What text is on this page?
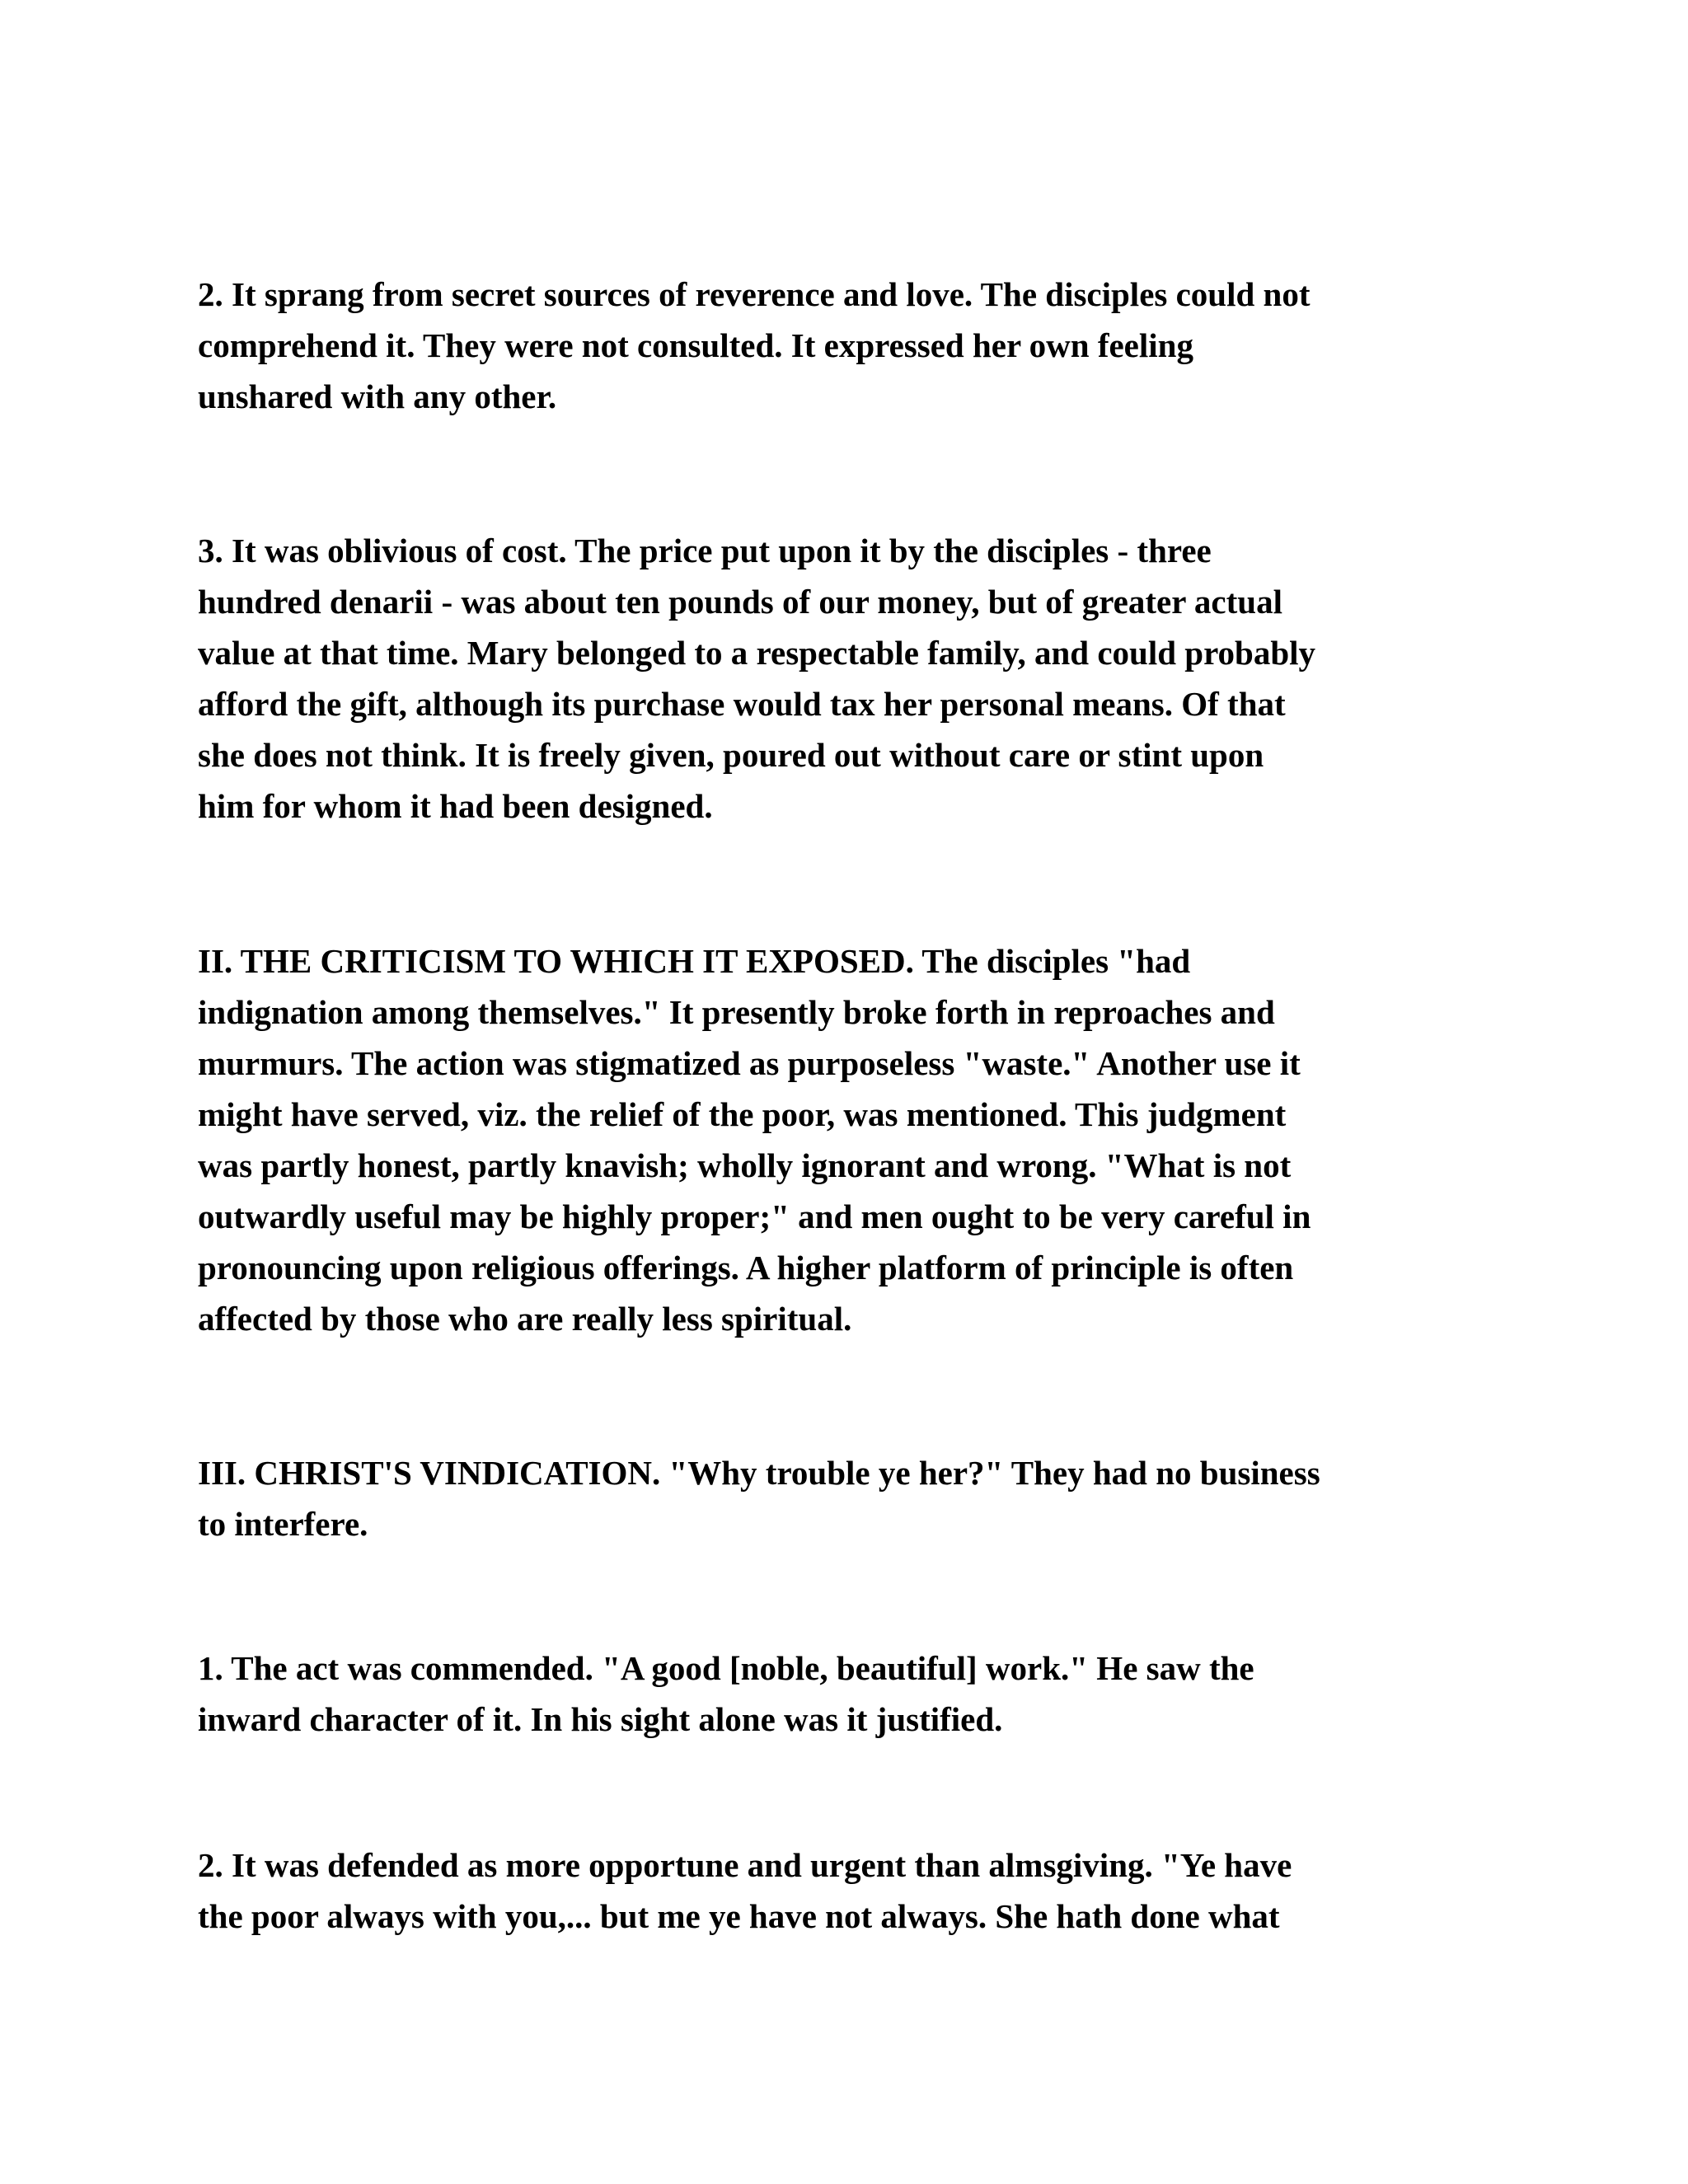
2. It sprang from secret sources of reverence and love. The disciples could not
comprehend it. They were not consulted. It expressed her own feeling
unshared with any other.

3. It was oblivious of cost. The price put upon it by the disciples - three
hundred denarii - was about ten pounds of our money, but of greater actual
value at that time. Mary belonged to a respectable family, and could probably
afford the gift, although its purchase would tax her personal means. Of that
she does not think. It is freely given, poured out without care or stint upon
him for whom it had been designed.

II. THE CRITICISM TO WHICH IT EXPOSED. The disciples "had
indignation among themselves." It presently broke forth in reproaches and
murmurs. The action was stigmatized as purposeless "waste." Another use it
might have served, viz. the relief of the poor, was mentioned. This judgment
was partly honest, partly knavish; wholly ignorant and wrong. "What is not
outwardly useful may be highly proper;" and men ought to be very careful in
pronouncing upon religious offerings. A higher platform of principle is often
affected by those who are really less spiritual.

III. CHRIST'S VINDICATION. "Why trouble ye her?" They had no business
to interfere.

1. The act was commended. "A good [noble, beautiful] work." He saw the
inward character of it. In his sight alone was it justified.

2. It was defended as more opportune and urgent than almsgiving. "Ye have
the poor always with you,... but me ye have not always. She hath done what
